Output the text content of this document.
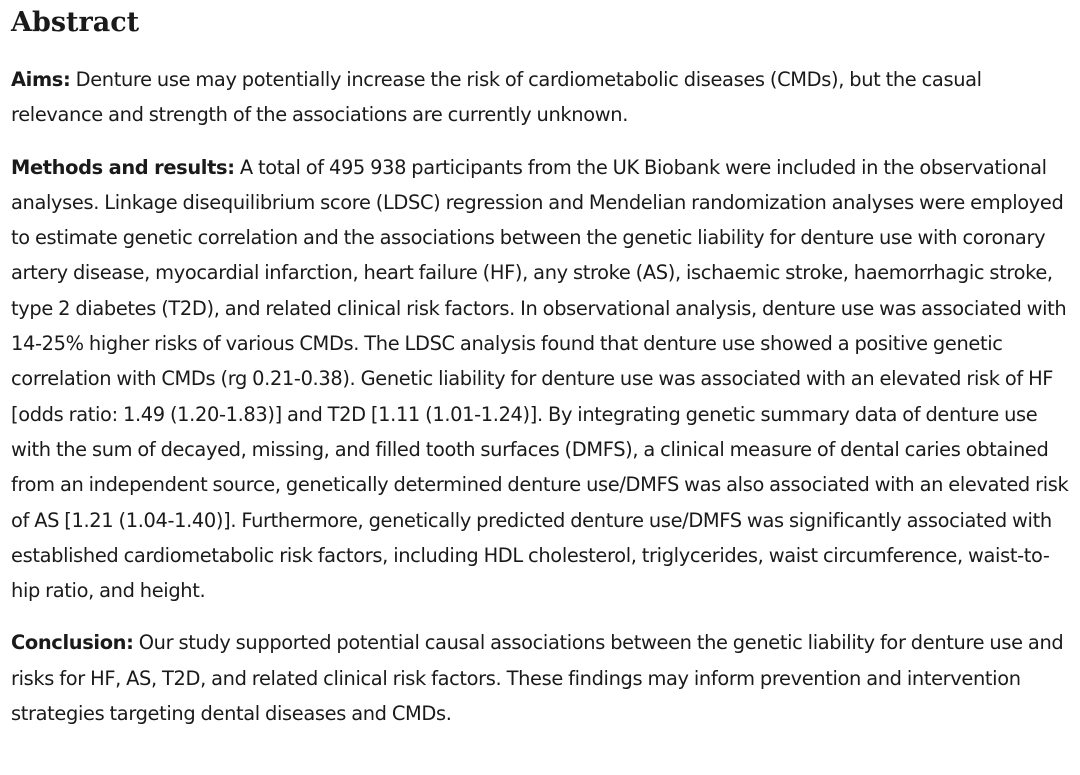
Abstract

Aims: Denture use may potentially increase the risk of cardiometabolic diseases (CMDs), but the casual relevance and strength of the associations are currently unknown.

Methods and results: A total of 495 938 participants from the UK Biobank were included in the observational analyses. Linkage disequilibrium score (LDSC) regression and Mendelian randomization analyses were employed to estimate genetic correlation and the associations between the genetic liability for denture use with coronary artery disease, myocardial infarction, heart failure (HF), any stroke (AS), ischaemic stroke, haemorrhagic stroke, type 2 diabetes (T2D), and related clinical risk factors. In observational analysis, denture use was associated with 14-25% higher risks of various CMDs. The LDSC analysis found that denture use showed a positive genetic correlation with CMDs (rg 0.21-0.38). Genetic liability for denture use was associated with an elevated risk of HF [odds ratio: 1.49 (1.20-1.83)] and T2D [1.11 (1.01-1.24)]. By integrating genetic summary data of denture use with the sum of decayed, missing, and filled tooth surfaces (DMFS), a clinical measure of dental caries obtained from an independent source, genetically determined denture use/DMFS was also associated with an elevated risk of AS [1.21 (1.04-1.40)]. Furthermore, genetically predicted denture use/DMFS was significantly associated with established cardiometabolic risk factors, including HDL cholesterol, triglycerides, waist circumference, waist-to-hip ratio, and height.

Conclusion: Our study supported potential causal associations between the genetic liability for denture use and risks for HF, AS, T2D, and related clinical risk factors. These findings may inform prevention and intervention strategies targeting dental diseases and CMDs.
